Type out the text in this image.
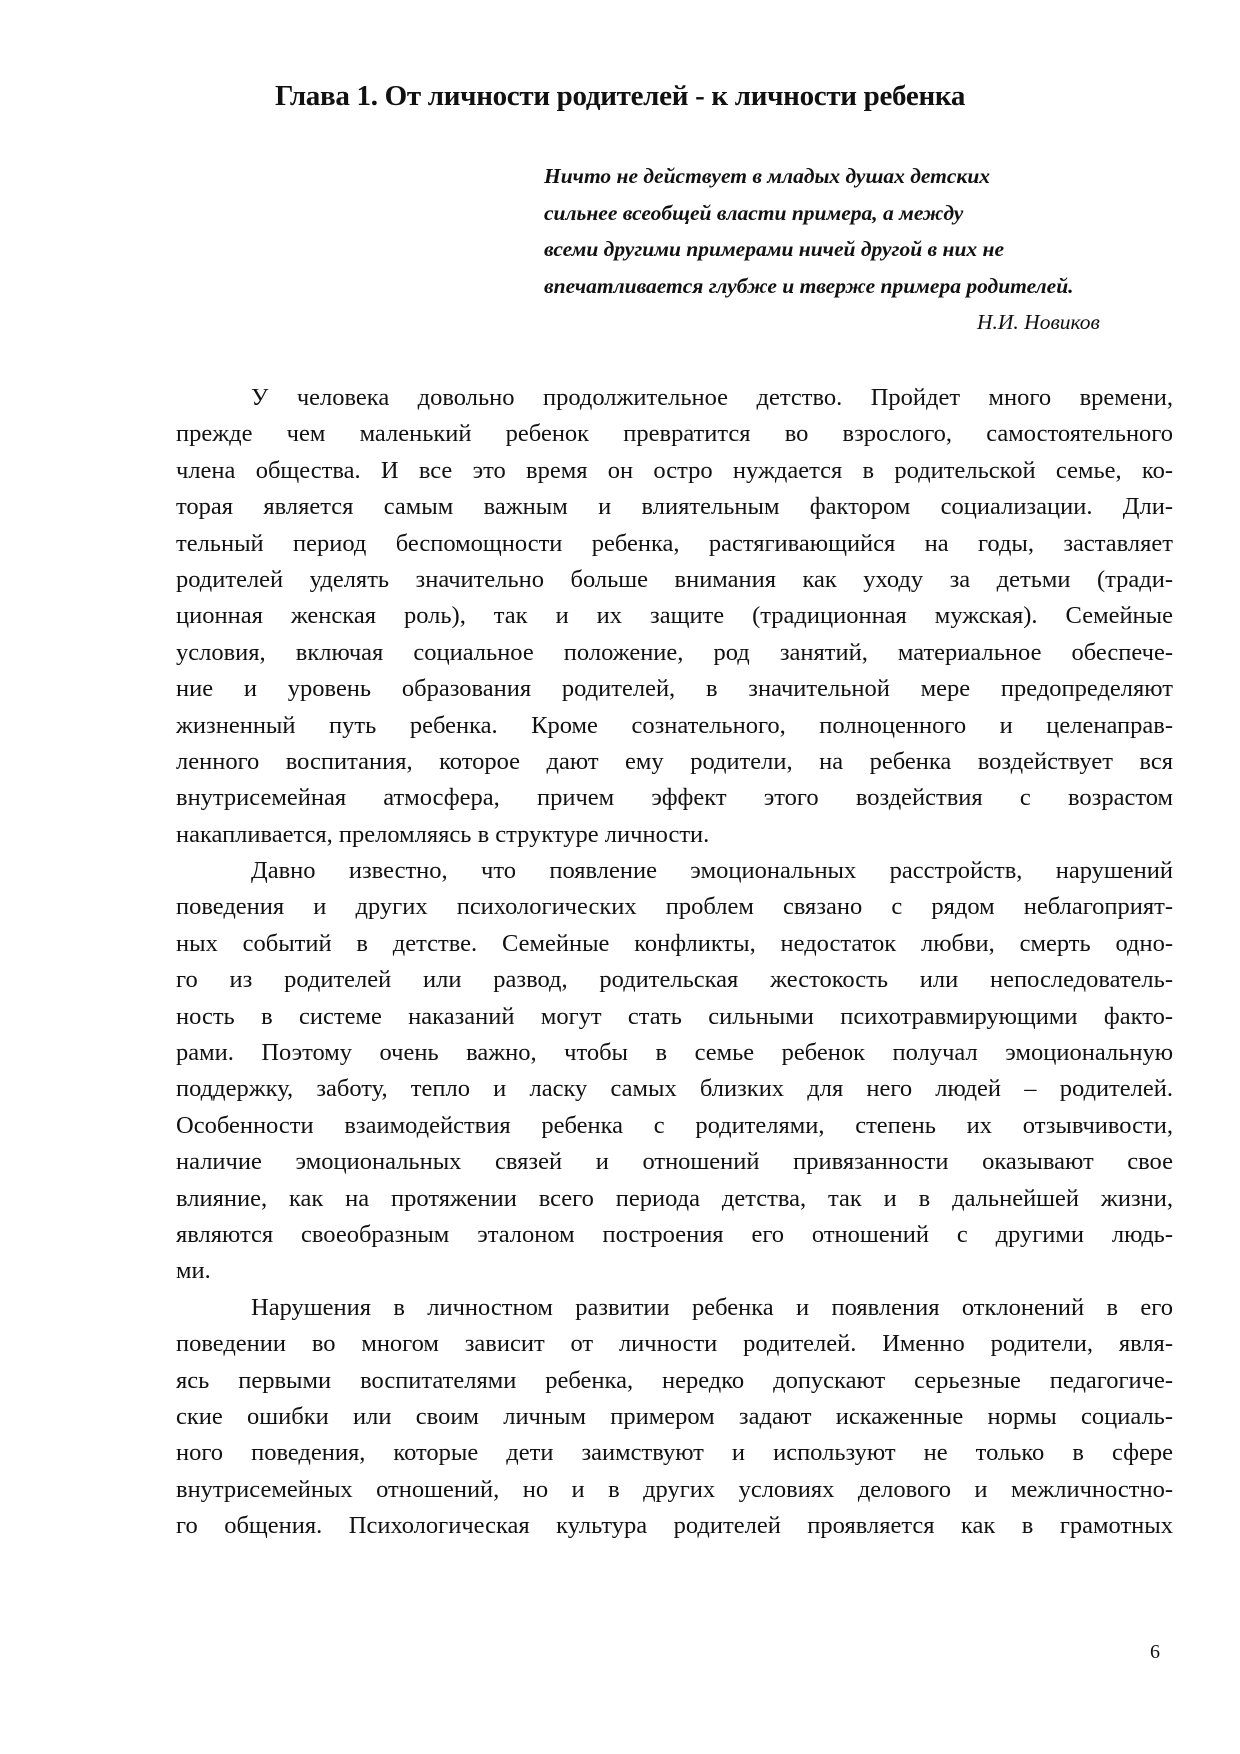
Глава 1. От личности родителей - к личности ребенка
Ничто не действует в младых душах детских
сильнее всеобщей власти примера, а между
всеми другими примерами ничей другой в них не
впечатливается глубже и тверже примера родителей.
Н.И. Новиков

У человека довольно продолжительное детство. Пройдет много времени,
прежде чем маленький ребенок превратится во взрослого, самостоятельного
члена общества. И все это время он остро нуждается в родительской семье, ко-
торая является самым важным и влиятельным фактором социализации. Дли-
тельный период беспомощности ребенка, растягивающийся на годы, заставляет
родителей уделять значительно больше внимания как уходу за детьми (тради-
ционная женская роль), так и их защите (традиционная мужская). Семейные
условия, включая социальное положение, род занятий, материальное обеспече-
ние и уровень образования родителей, в значительной мере предопределяют
жизненный путь ребенка. Кроме сознательного, полноценного и целенаправ-
ленного воспитания, которое дают ему родители, на ребенка воздействует вся
внутрисемейная атмосфера, причем эффект этого воздействия с возрастом
накапливается, преломляясь в структуре личности.

Давно известно, что появление эмоциональных расстройств, нарушений
поведения и других психологических проблем связано с рядом неблагоприят-
ных событий в детстве. Семейные конфликты, недостаток любви, смерть одно-
го из родителей или развод, родительская жестокость или непоследователь-
ность в системе наказаний могут стать сильными психотравмирующими факто-
рами. Поэтому очень важно, чтобы в семье ребенок получал эмоциональную
поддержку, заботу, тепло и ласку самых близких для него людей – родителей.
Особенности взаимодействия ребенка с родителями, степень их отзывчивости,
наличие эмоциональных связей и отношений привязанности оказывают свое
влияние, как на протяжении всего периода детства, так и в дальнейшей жизни,
являются своеобразным эталоном построения его отношений с другими людь-
ми.

Нарушения в личностном развитии ребенка и появления отклонений в его
поведении во многом зависит от личности родителей. Именно родители, явля-
ясь первыми воспитателями ребенка, нередко допускают серьезные педагогиче-
ские ошибки или своим личным примером задают искаженные нормы социаль-
ного поведения, которые дети заимствуют и используют не только в сфере
внутрисемейных отношений, но и в других условиях делового и межличностно-
го общения. Психологическая культура родителей проявляется как в грамотных

6
